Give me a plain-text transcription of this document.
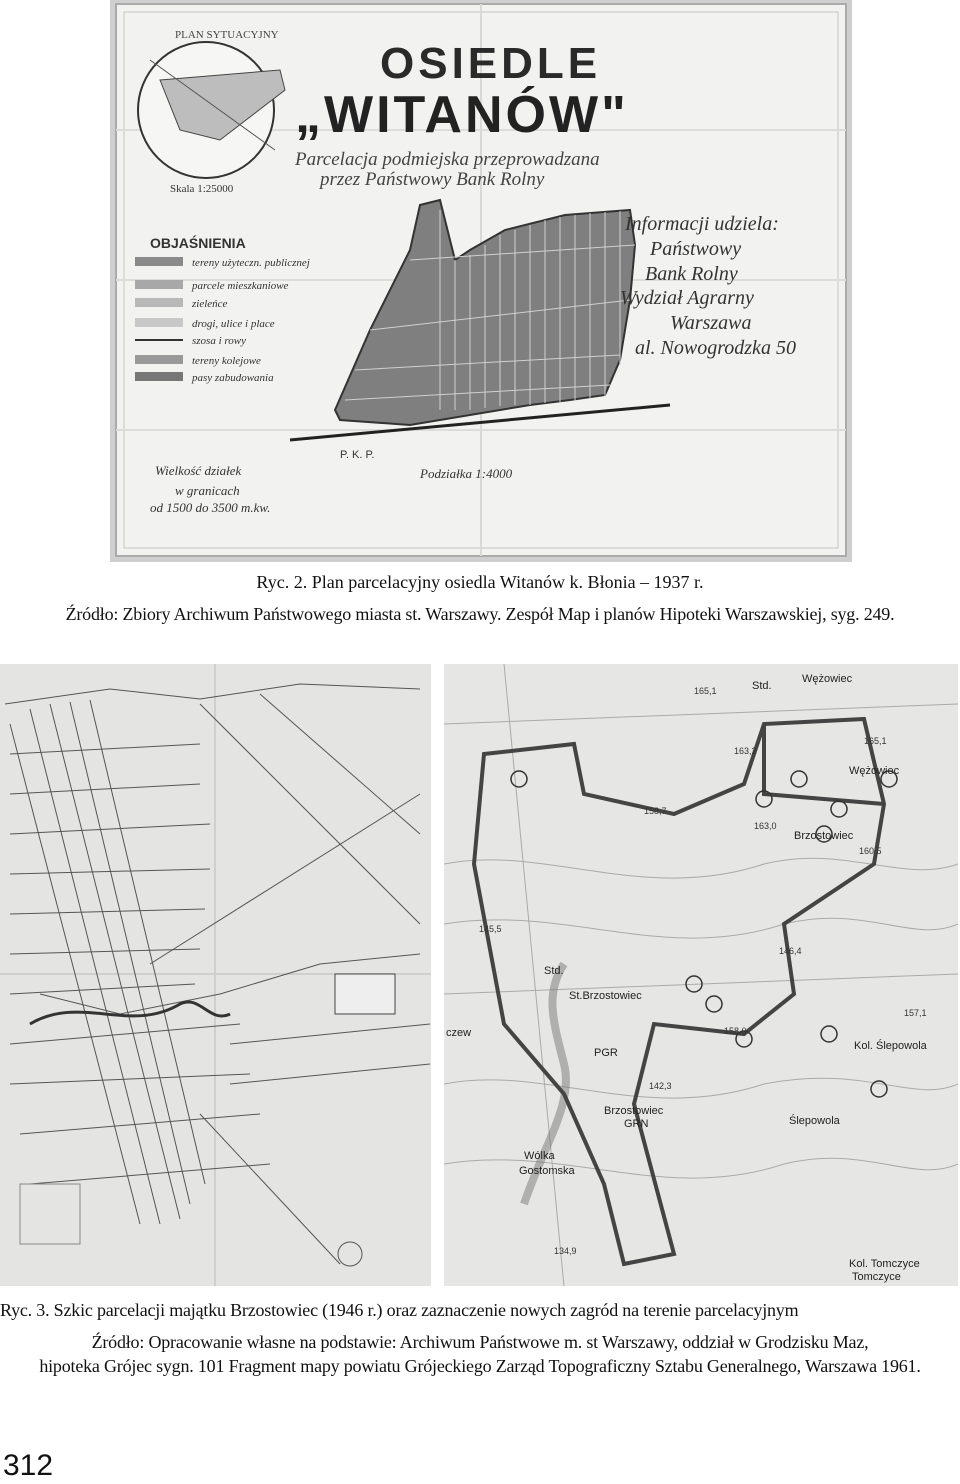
PLAN SYTUACYJNY
Skala 1:25000
OSIEDLE
„WITANÓW"
Parcelacja podmiejska przeprowadzana
przez Państwowy Bank Rolny
OBJAŚNIENIA
tereny użyteczn. publicznej
parcele mieszkaniowe
zieleńce
drogi, ulice i place
szosa i rowy
tereny kolejowe
pasy zabudowania
P. K. P.
Informacji udziela:
Państwowy
Bank Rolny
Wydział Agrarny
Warszawa
al. Nowogrodzka 50
Podziałka 1:4000
Wielkość działek
w granicach
od 1500 do 3500 m.kw.
Ryc. 2. Plan parcelacyjny osiedla Witanów k. Błonia – 1937 r.
Źródło: Zbiory Archiwum Państwowego miasta st. Warszawy. Zespół Map i planów Hipoteki Warszawskiej, syg. 249.
Wężowiec
Wężowiec
Brzostowiec
St.Brzostowiec
Std.
Std.
PGR
Brzostowiec
GRN
Kol. Ślepowola
Ślepowola
Wólka
Gostomska
Kol. Tomczyce
Tomczyce
czew
165,1
163,2
165,1
158,7
163,0
160,5
145,5
146,4
157,1
158,0
142,3
134,9
Ryc. 3. Szkic parcelacji majątku Brzostowiec (1946 r.) oraz zaznaczenie nowych zagród na terenie parcelacyjnym
Źródło: Opracowanie własne na podstawie: Archiwum Państwowe m. st Warszawy, oddział w Grodzisku Maz,
hipoteka Grójec sygn. 101 Fragment mapy powiatu Grójeckiego Zarząd Topograficzny Sztabu Generalnego, Warszawa 1961.
312
